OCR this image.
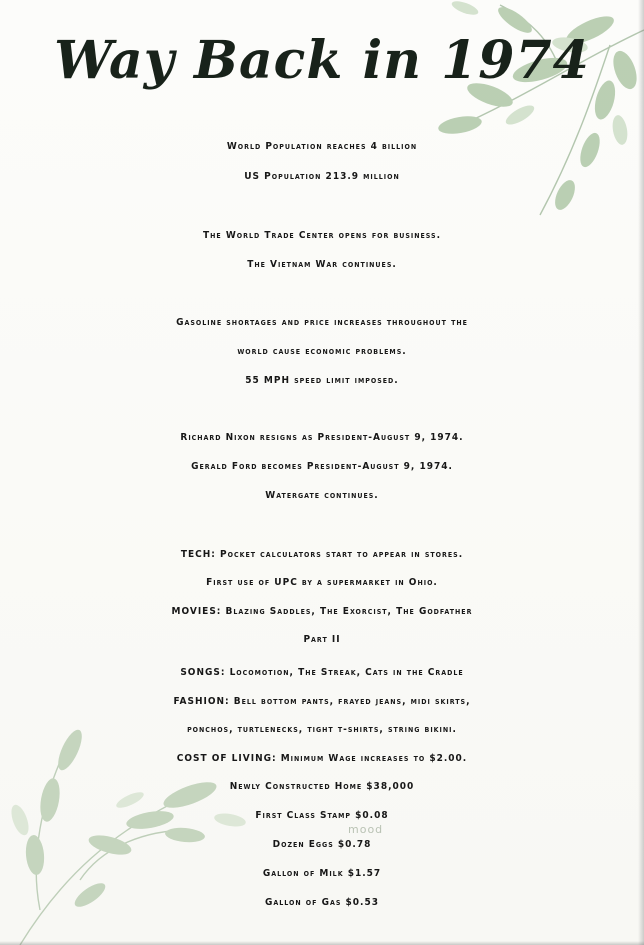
mood
Way Back in 1974
World Population reaches 4 billion
US Population 213.9 million
The World Trade Center opens for business.
The Vietnam War continues.
Gasoline shortages and price increases throughout the
world cause economic problems.
55 MPH speed limit imposed.
Richard Nixon resigns as President-August 9, 1974.
Gerald Ford becomes President-August 9, 1974.
Watergate continues.
TECH: Pocket calculators start to appear in stores.
First use of UPC by a supermarket in Ohio.
MOVIES: Blazing Saddles, The Exorcist, The Godfather
Part II
SONGS: Locomotion, The Streak, Cats in the Cradle
FASHION: Bell bottom pants, frayed jeans, midi skirts,
ponchos, turtlenecks, tight t-shirts, string bikini.
COST OF LIVING: Minimum Wage increases to $2.00.
Newly Constructed Home $38,000
First Class Stamp $0.08
Dozen Eggs $0.78
Gallon of Milk $1.57
Gallon of Gas $0.53
